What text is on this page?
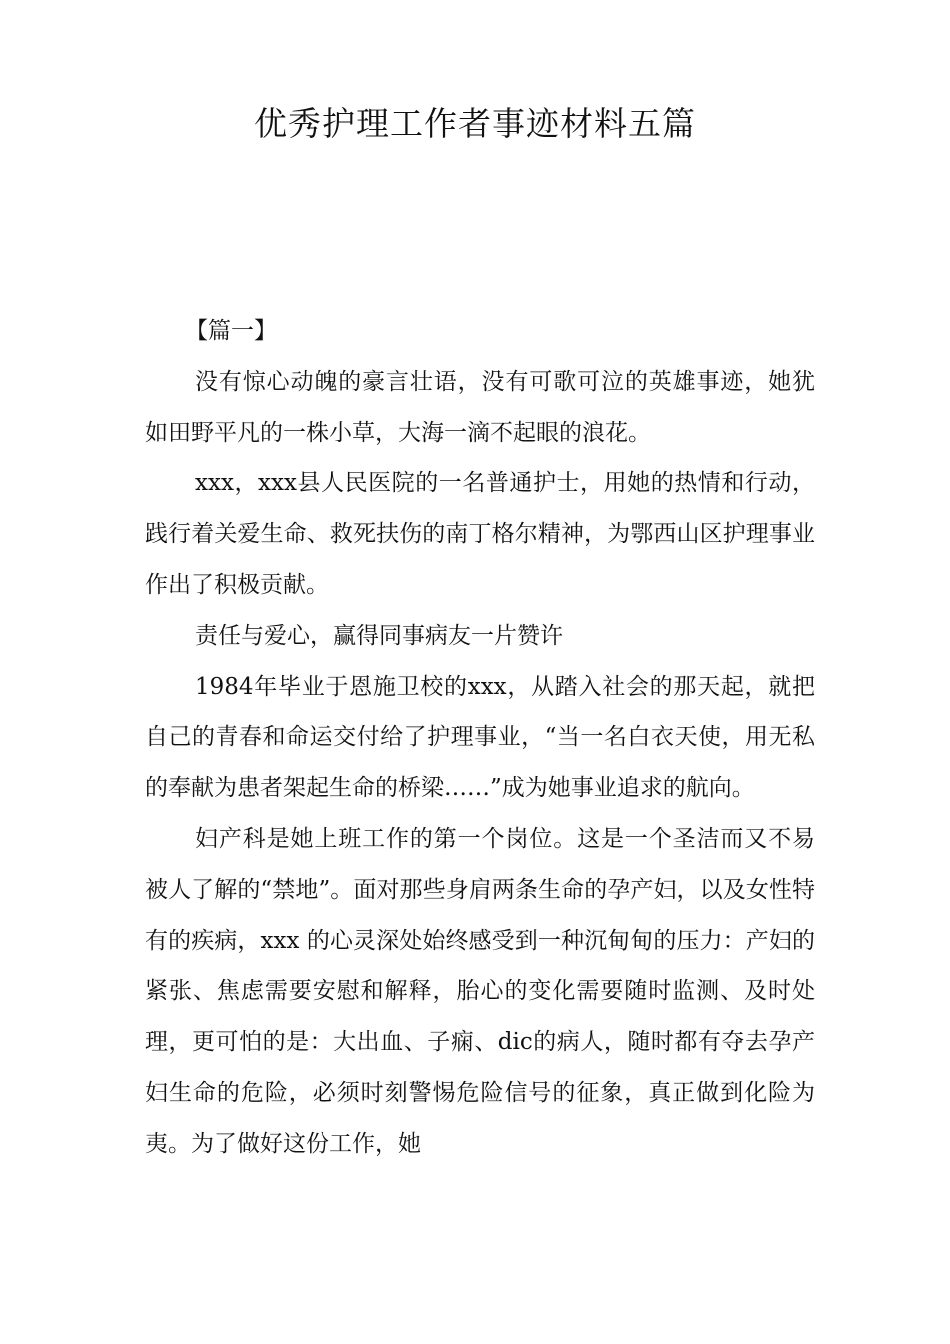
优秀护理工作者事迹材料五篇

【篇一】

没有惊心动魄的豪言壮语，没有可歌可泣的英雄事迹，她犹如田野平凡的一株小草，大海一滴不起眼的浪花。

xxx，xxx县人民医院的一名普通护士，用她的热情和行动，践行着关爱生命、救死扶伤的南丁格尔精神，为鄂西山区护理事业作出了积极贡献。

责任与爱心，赢得同事病友一片赞许

1984年毕业于恩施卫校的xxx，从踏入社会的那天起，就把自己的青春和命运交付给了护理事业，“当一名白衣天使，用无私的奉献为患者架起生命的桥梁……”成为她事业追求的航向。

妇产科是她上班工作的第一个岗位。这是一个圣洁而又不易被人了解的“禁地”。面对那些身肩两条生命的孕产妇，以及女性特有的疾病，xxx 的心灵深处始终感受到一种沉甸甸的压力：产妇的紧张、焦虑需要安慰和解释，胎心的变化需要随时监测、及时处理，更可怕的是：大出血、子痫、dic的病人，随时都有夺去孕产妇生命的危险，必须时刻警惕危险信号的征象，真正做到化险为夷。为了做好这份工作，她
